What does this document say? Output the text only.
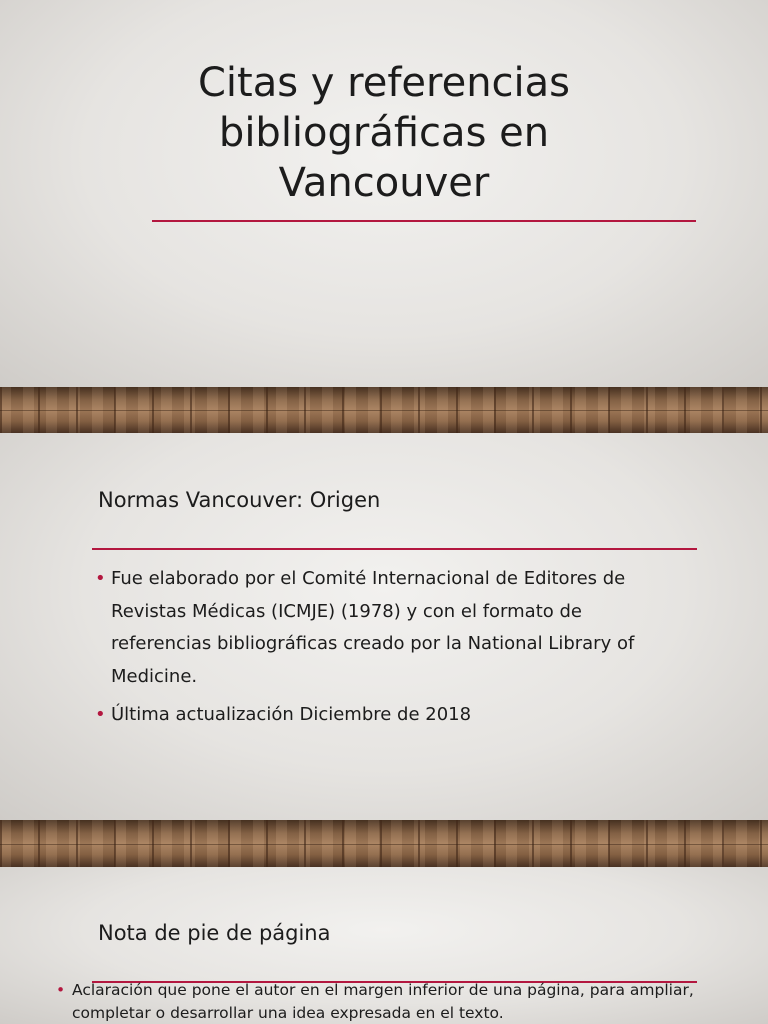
Citas y referencias
bibliográficas en
Vancouver
Normas Vancouver: Origen
• Fue elaborado por el Comité Internacional de Editores de Revistas Médicas (ICMJE) (1978) y con el formato de referencias bibliográficas creado por la National Library of Medicine.
• Última actualización Diciembre de 2018
Nota de pie de página
• Aclaración que pone el autor en el margen inferior de una página, para ampliar, completar o desarrollar una idea expresada en el texto.
